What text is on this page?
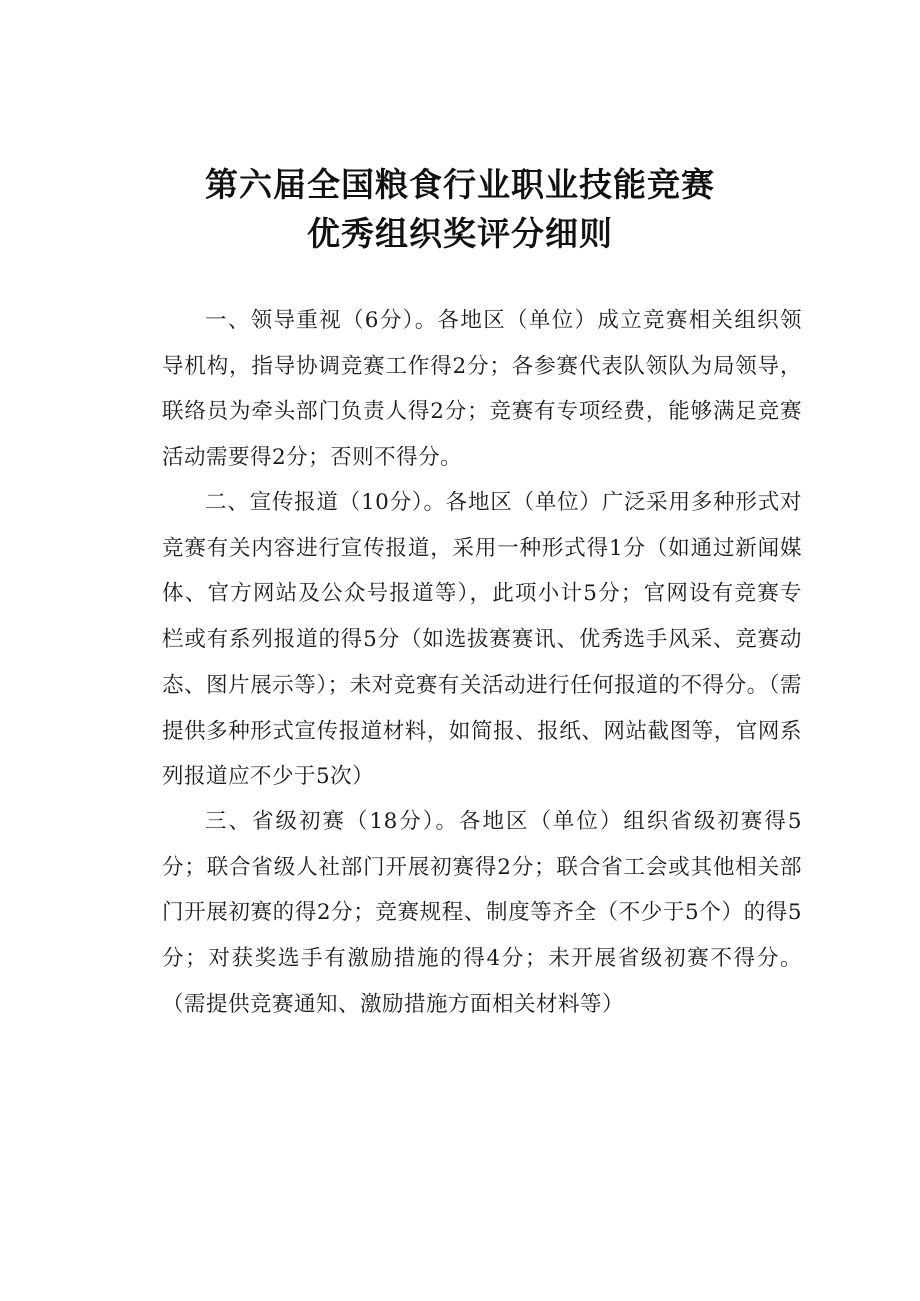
第六届全国粮食行业职业技能竞赛
优秀组织奖评分细则

一、领导重视（6分）。各地区（单位）成立竞赛相关组织领导机构，指导协调竞赛工作得2分；各参赛代表队领队为局领导，联络员为牵头部门负责人得2分；竞赛有专项经费，能够满足竞赛活动需要得2分；否则不得分。

二、宣传报道（10分）。各地区（单位）广泛采用多种形式对竞赛有关内容进行宣传报道，采用一种形式得1分（如通过新闻媒体、官方网站及公众号报道等），此项小计5分；官网设有竞赛专栏或有系列报道的得5分（如选拔赛赛讯、优秀选手风采、竞赛动态、图片展示等）；未对竞赛有关活动进行任何报道的不得分。（需提供多种形式宣传报道材料，如简报、报纸、网站截图等，官网系列报道应不少于5次）

三、省级初赛（18分）。各地区（单位）组织省级初赛得5分；联合省级人社部门开展初赛得2分；联合省工会或其他相关部门开展初赛的得2分；竞赛规程、制度等齐全（不少于5个）的得5分；对获奖选手有激励措施的得4分；未开展省级初赛不得分。（需提供竞赛通知、激励措施方面相关材料等）
